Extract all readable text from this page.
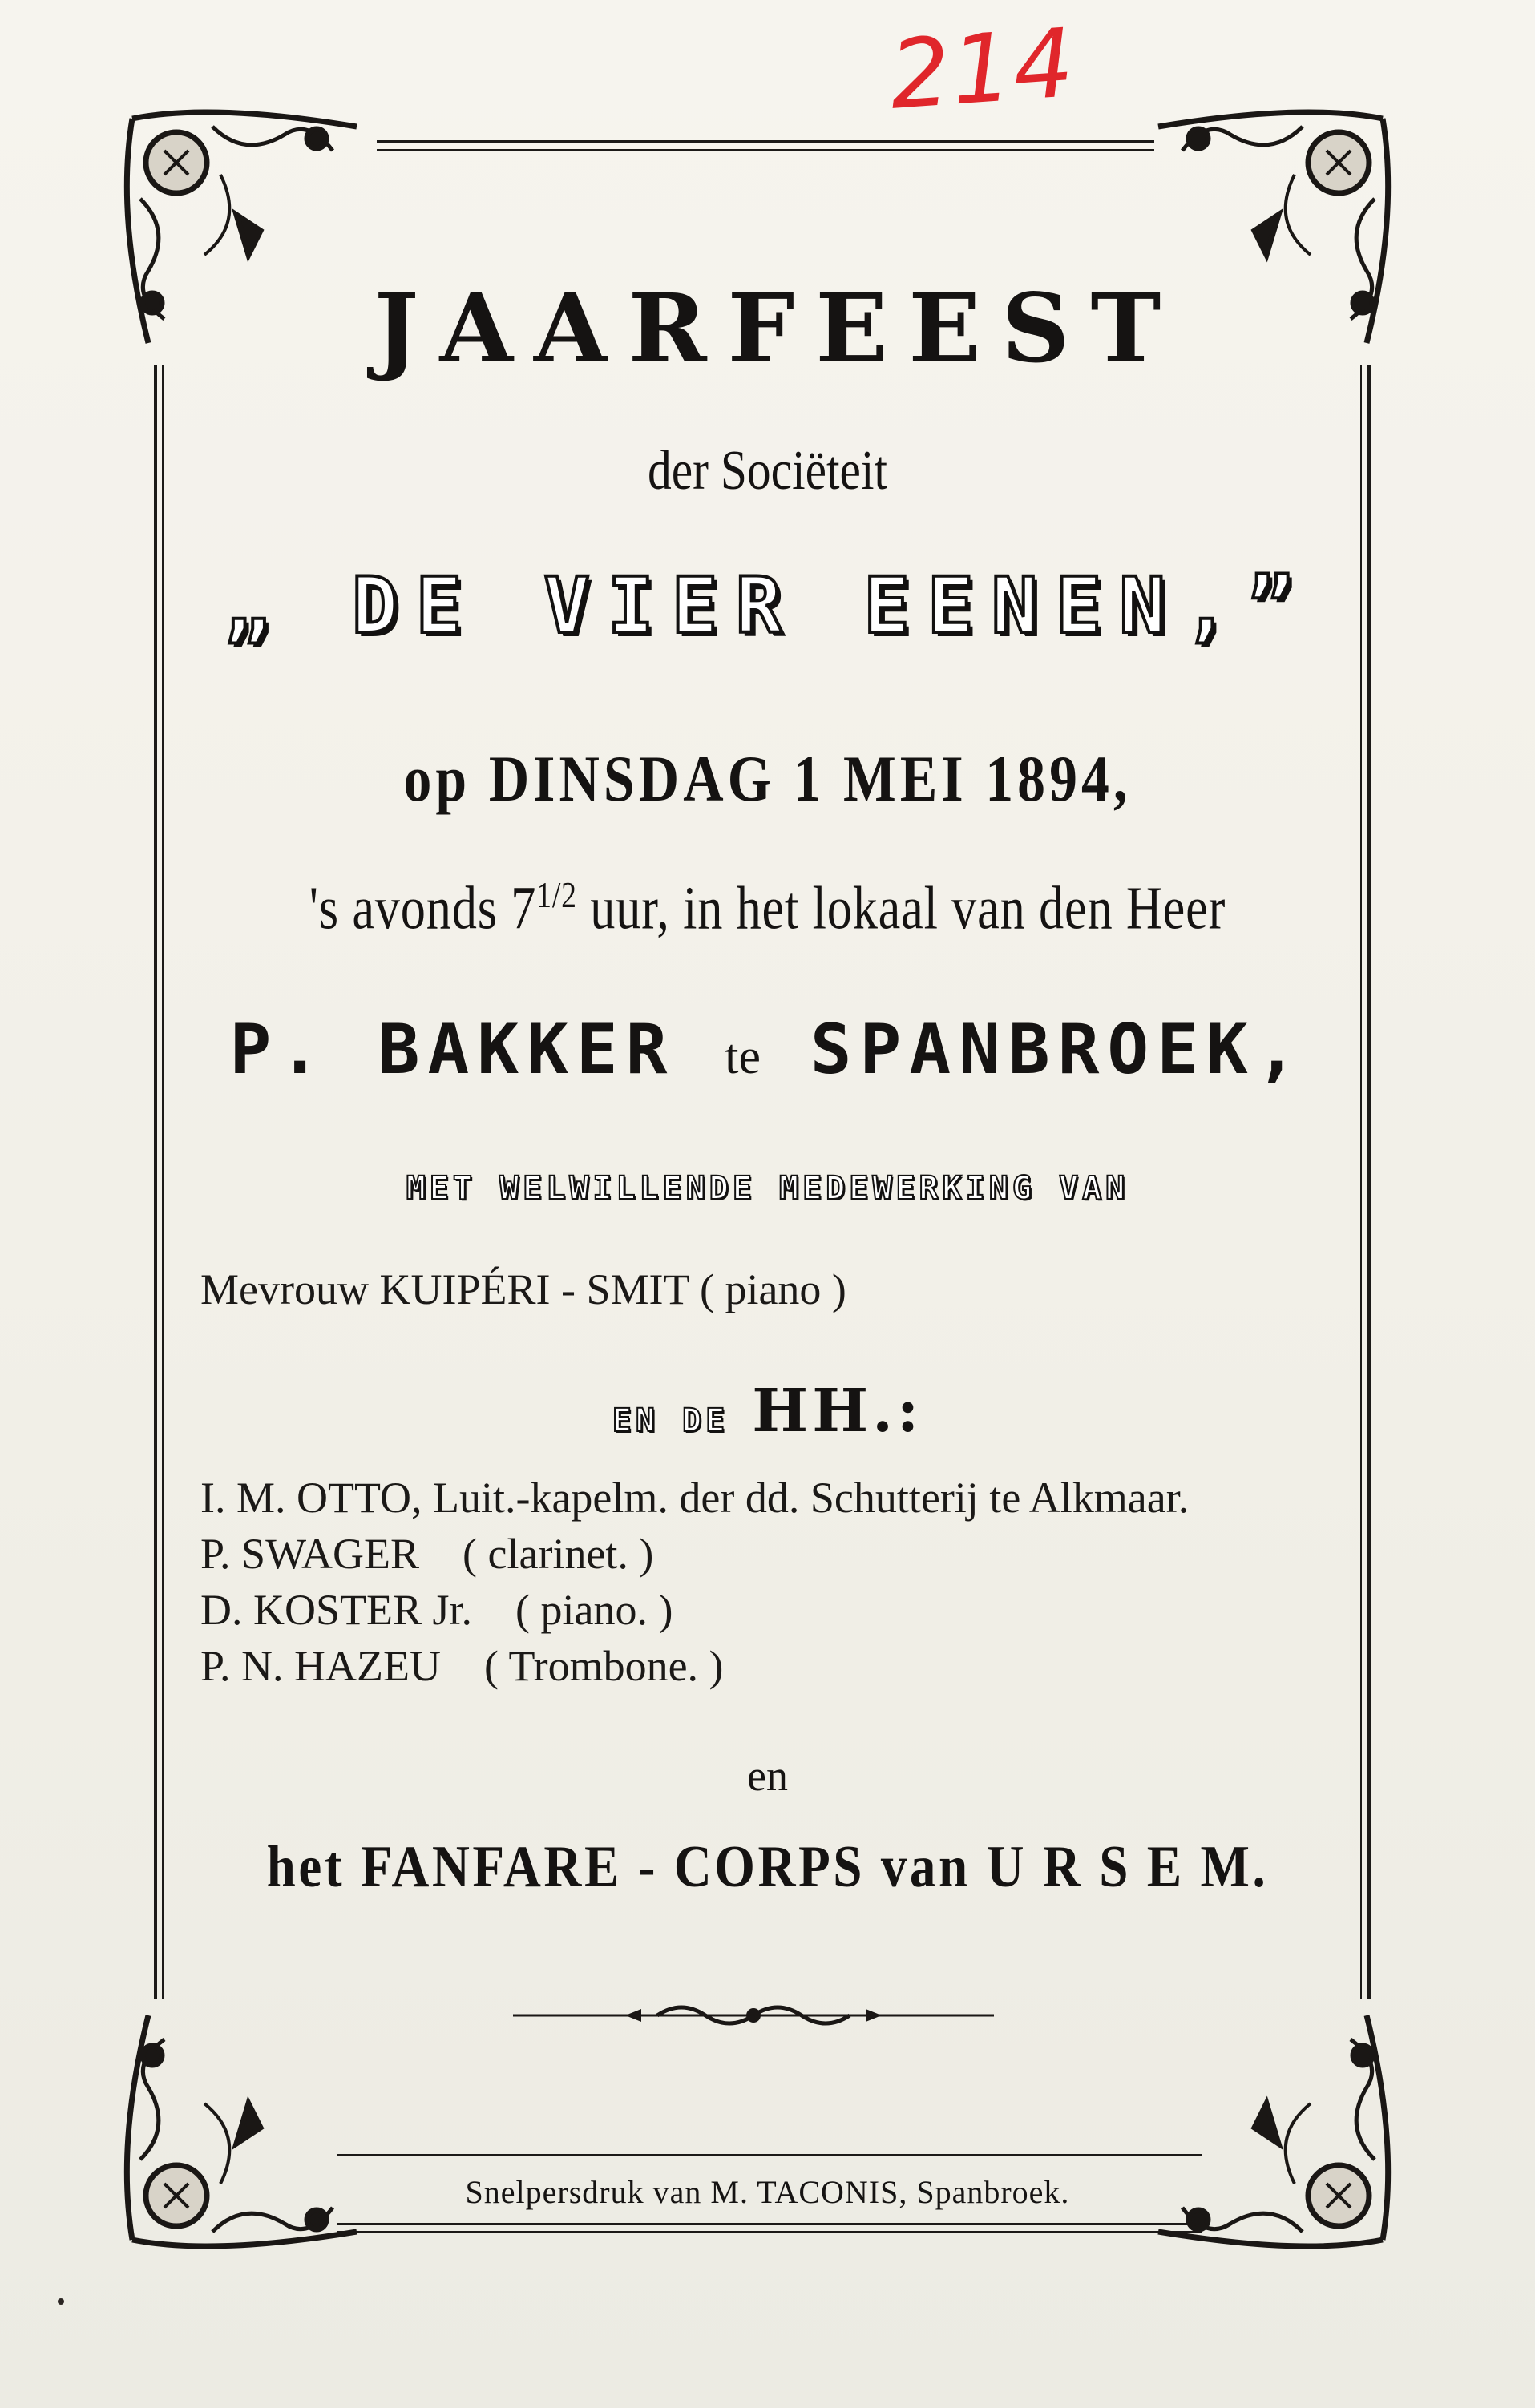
214
JAARFEEST
der Sociëteit
„ DE VIER EENEN,”
op DINSDAG 1 MEI 1894,
's avonds $7^{1/2}$ uur, in het lokaal van den Heer
P. BAKKER te SPANBROEK,
MET WELWILLENDE MEDEWERKING VAN
Mevrouw KUIPÉRI - SMIT ( piano )
EN DE HH.:
I. M. OTTO, Luit.-kapelm. der dd. Schutterij te Alkmaar.
P. SWAGER    ( clarinet. )
D. KOSTER Jr.    ( piano. )
P. N. HAZEU    ( Trombone. )
en
het FANFARE - CORPS van U R S E M.
Snelpersdruk van M. TACONIS, Spanbroek.
